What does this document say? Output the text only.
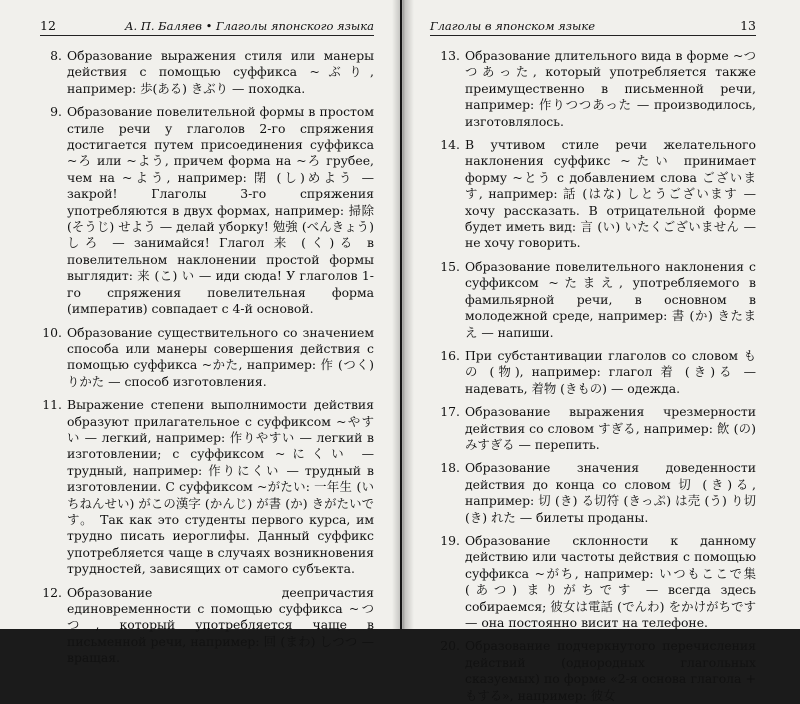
12	А. П. Баляев • Глаголы японского языка
8. Образование выражения стиля или манеры действия с помощью суффикса ~ぶり, например: 歩(ある) きぶり — походка.
9. Образование повелительной формы в простом стиле речи у глаголов 2-го спряжения достигается путем присоединения суффикса ~ろ или ~よう, причем форма на ~ろ грубее, чем на ~よう, например: 閉 (し)めよう — закрой! Глаголы 3-го спряжения употребляются в двух формах, например: 掃除 (そうじ) せよう — делай уборку! 勉強 (べんきょう) しろ — занимайся! Глагол 来 (く)る в повелительном наклонении простой формы выглядит: 来 (こ) い — иди сюда! У глаголов 1-го спряжения повелительная форма (императив) совпадает с 4-й основой.
10. Образование существительного со значением способа или манеры совершения действия с помощью суффикса ~かた, например: 作 (つく) りかた — способ изготовления.
11. Выражение степени выполнимости действия образуют прилагательное с суффиксом ~やすい — легкий, например: 作りやすい — легкий в изготовлении; с суффиксом ~にくい — трудный, например: 作りにくい — трудный в изготовлении. С суффиксом ~がたい: 一年生 (いちねんせい) がこの漢字 (かんじ) が書 (か) きがたいです。 Так как это студенты первого курса, им трудно писать иероглифы. Данный суффикс употребляется чаще в случаях возникновения трудностей, зависящих от самого субъекта.
12. Образование деепричастия единовременности с помощью суффикса ~つつ, который употребляется чаще в письменной речи, например: 回 (まわ) しつつ — вращая.
Глаголы в японском языке	13
13. Образование длительного вида в форме ~つつあった, который употребляется также преимущественно в письменной речи, например: 作りつつあった — производилось, изготовлялось.
14. В учтивом стиле речи желательного наклонения суффикс ~たい принимает форму ~とう с добавлением слова ございます, например: 話 (はな) しとうございます — хочу рассказать. В отрицательной форме будет иметь вид: 言 (い) いたくございません — не хочу говорить.
15. Образование повелительного наклонения с суффиксом ~たまえ, употребляемого в фамильярной речи, в основном в молодежной среде, например: 書 (か) きたまえ — напиши.
16. При субстантивации глаголов со словом もの (物), например: глагол 着 (き)る — надевать, 着物 (きもの) — одежда.
17. Образование выражения чрезмерности действия со словом すぎる, например: 飲 (の) みすぎる — перепить.
18. Образование значения доведенности действия до конца со словом 切 (き)る, например: 切 (き) る切符 (きっぷ) は売 (う) り切 (き) れた — билеты проданы.
19. Образование склонности к данному действию или частоты действия с помощью суффикса ~がち, например: いつもここで集 (あつ) まりがちです — всегда здесь собираемся; 彼女は電話 (でんわ) をかけがちです — она постоянно висит на телефоне.
20. Образование подчеркнутого перечисления действий (однородных глагольных сказуемых) по форме «2-я основа глагола + もする», например: 彼女
